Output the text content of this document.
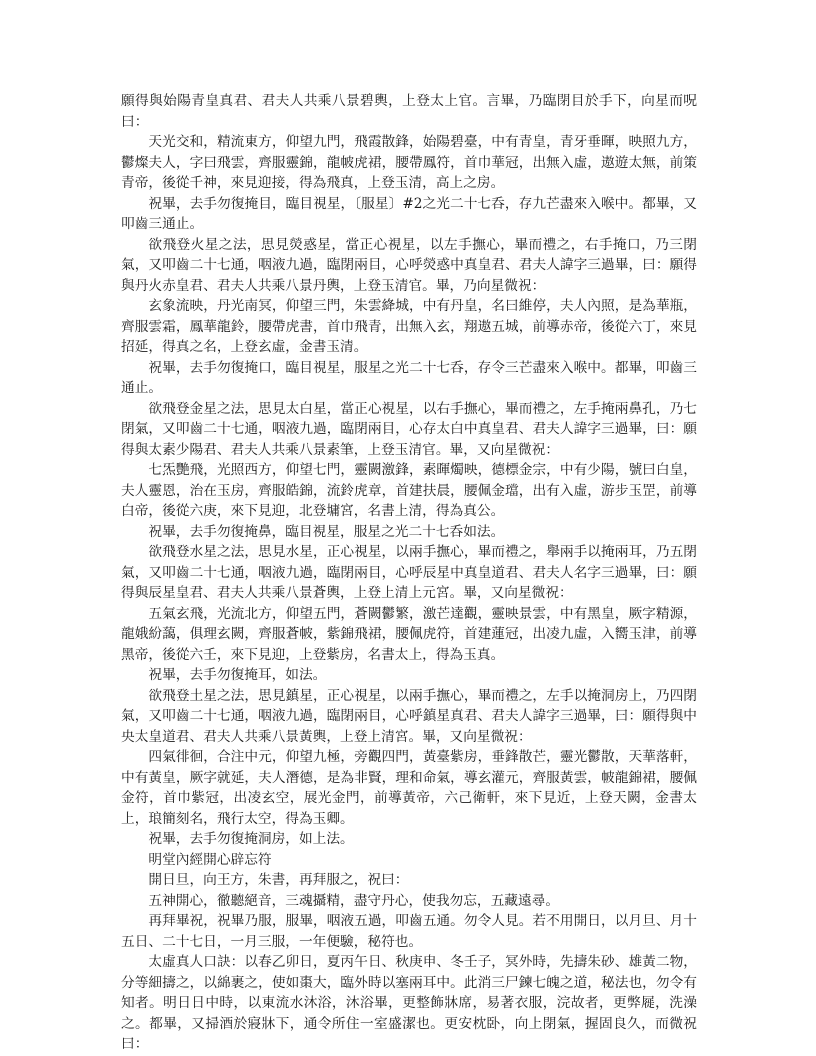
願得與始陽青皇真君、君夫人共乘八景碧輿，上登太上官。言畢，乃臨閉目於手下，向星而呪曰：

天光交和，精流東方，仰望九門，飛霞散鋒，始陽碧臺，中有青皇，青牙垂暉，映照九方，鬱燦夫人，字曰飛雲，齊服靈錦，龍帔虎裙，腰帶鳳符，首巾華冠，出無入虛，遨遊太無，前策青帝，後從千神，來見迎接，得為飛真，上登玉清，高上之房。

祝畢，去手勿復掩目，臨目視星，〔服星〕#2之光二十七呑，存九芒盡來入喉中。都畢，又叩齒三通止。

欲飛登火星之法，思見熒惑星，當正心視星，以左手撫心，畢而禮之，右手掩口，乃三閉氣，又叩齒二十七通，咽液九過，臨閉兩目，心呼熒惑中真皇君、君夫人諱字三過畢，曰：願得與丹火赤皇君、君夫人共乘八景丹輿，上登玉清官。畢，乃向星微祝：

玄象流映，丹光南冥，仰望三門，朱雲絳城，中有丹皇，名曰維停，夫人內照，是為華瓶，齊服雲霜，鳳華龍鈴，腰帶虎書，首巾飛青，出無入玄，翔遨五城，前導赤帝，後從六丁，來見招延，得真之名，上登玄虛，金書玉清。

祝畢，去手勿復掩口，臨目視星，服星之光二十七呑，存令三芒盡來入喉中。都畢，叩齒三通止。

欲飛登金星之法，思見太白星，當正心視星，以右手撫心，畢而禮之，左手掩兩鼻孔，乃七閉氣，又叩齒二十七通，咽液九過，臨閉兩目，心存太白中真皇君、君夫人諱字三過畢，曰：願得與太素少陽君、君夫人共乘八景素筆，上登玉清官。畢，又向星微祝：

七炁艷飛，光照西方，仰望七門，靈闕激鋒，素暉燭映，德標金宗，中有少陽，號曰白皇，夫人靈恩，治在玉房，齊服皓錦，流鈴虎章，首建扶晨，腰佩金璫，出有入虛，游步玉罡，前導白帝，後從六庚，來下見迎，北登墉宮，名書上清，得為真公。

祝畢，去手勿復掩鼻，臨目視星，服星之光二十七呑如法。

欲飛登水星之法，思見水星，正心視星，以兩手撫心，畢而禮之，舉兩手以掩兩耳，乃五閉氣，又叩齒二十七通，咽液九過，臨閉兩目，心呼辰星中真皇道君、君夫人名字三過畢，曰：願得與辰星皇君、君夫人共乘八景蒼輿，上登上清上元宮。畢，又向星微祝：

五氣玄飛，光流北方，仰望五門，蒼闕鬱繁，激芒達觀，靈映景雲，中有黑皇，厥字精源，龍娥紛藹，俱理玄闕，齊服蒼帔，紫錦飛裙，腰佩虎符，首建蓮冠，出凌九虛，入嚮玉津，前導黑帝，後從六壬，來下見迎，上登紫房，名書太上，得為玉真。

祝畢，去手勿復掩耳，如法。

欲飛登土星之法，思見鎮星，正心視星，以兩手撫心，畢而禮之，左手以掩洞房上，乃四閉氣，又叩齒二十七通，咽液九過，臨閉兩目，心呼鎮星真君、君夫人諱字三過畢，曰：願得與中央太皇道君、君夫人共乘八景黃輿，上登上清宮。畢，又向星微祝：

四氣徘徊，合注中元，仰望九極，旁觀四門，黃臺紫房，垂鋒散芒，靈光鬱散，天華落軒，中有黃皇，厥字就延，夫人潛德，是為非賢，理和命氣，導玄灌元，齊服黃雲，帔龍錦裙，腰佩金符，首巾紫冠，出凌玄空，展光金門，前導黃帝，六己衛軒，來下見近，上登天闕，金書太上，琅簡刻名，飛行太空，得為玉卿。

祝畢，去手勿復掩洞房，如上法。

明堂內經開心辟忘符

開日旦，向王方，朱書，再拜服之，祝曰：

五神開心，徹聽絕音，三魂攝精，盡守丹心，使我勿忘，五藏遠尋。

再拜畢祝，祝畢乃服，服畢，咽液五過，叩齒五通。勿令人見。若不用開日，以月旦、月十五日、二十七日，一月三服，一年便驗，秘符也。

太虛真人口訣：以春乙卯日，夏丙午日、秋庚申、冬壬子，冥外時，先擣朱砂、雄黃二物，分等細擣之，以綿裹之，使如棗大，臨外時以塞兩耳中。此消三尸鍊七魄之道，秘法也，勿令有知者。明日日中時，以東流水沐浴，沐浴畢，更整飾牀席，易著衣服，浣故者，更弊屣，洗澡之。都畢，又掃酒於寢牀下，通令所住一室盛潔也。更安枕卧，向上閉氣，握固良久，而微祝曰：
